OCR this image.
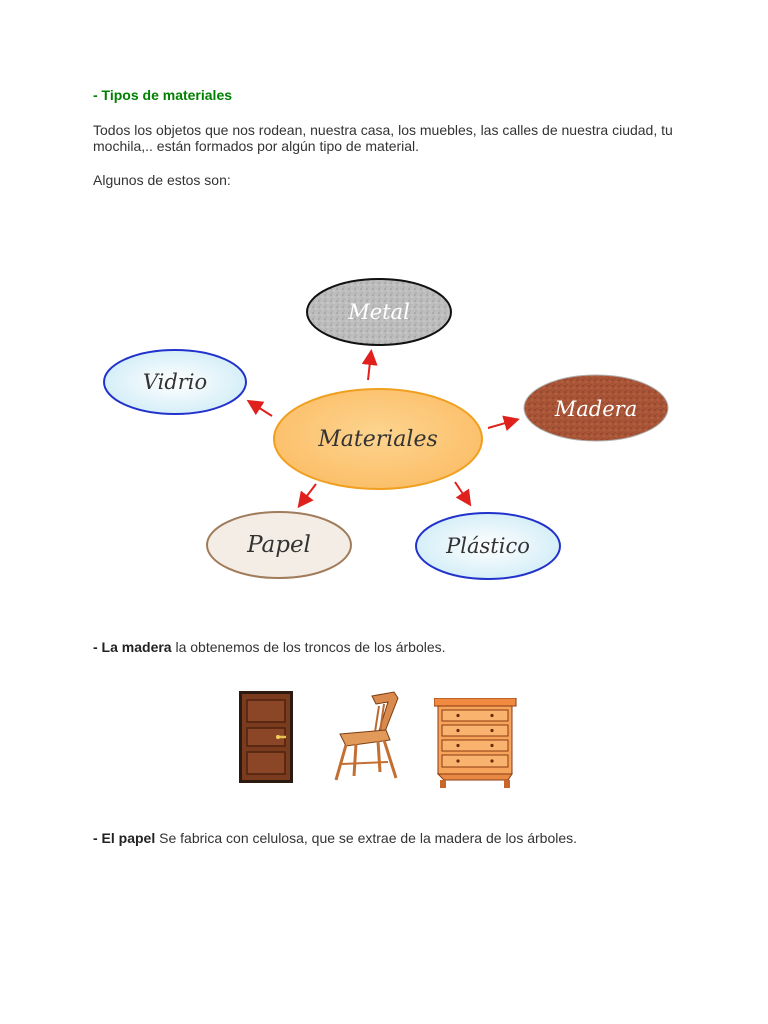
- Tipos de materiales
Todos los objetos que nos rodean, nuestra casa, los muebles, las calles de nuestra ciudad, tu mochila,.. están formados por algún tipo de material.
Algunos de estos son:
Metal
Vidrio
Madera
Materiales
Papel	Plástico
- La madera la obtenemos de los troncos de los árboles.
- El papel Se fabrica con celulosa, que se extrae de la madera de los árboles.
